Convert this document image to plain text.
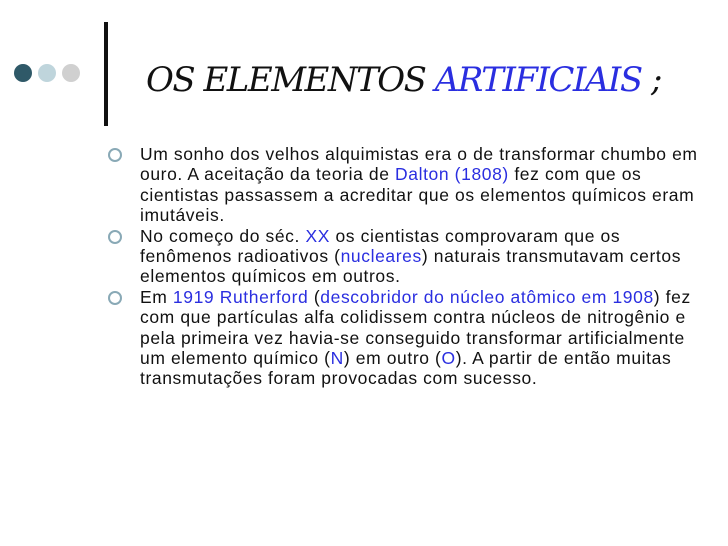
OS ELEMENTOS ARTIFICIAIS ;
Um sonho dos velhos alquimistas era o de transformar chumbo em ouro. A aceitação da teoria de Dalton (1808) fez com que os cientistas passassem a acreditar que os elementos químicos eram imutáveis.
No começo do séc. XX os cientistas comprovaram que os fenômenos radioativos (nucleares) naturais transmutavam certos elementos químicos em outros.
Em 1919 Rutherford (descobridor do núcleo atômico em 1908) fez com que partículas alfa colidissem contra núcleos de nitrogênio e pela primeira vez havia-se conseguido transformar artificialmente um elemento químico (N) em outro (O). A partir de então muitas transmutações foram provocadas com sucesso.
